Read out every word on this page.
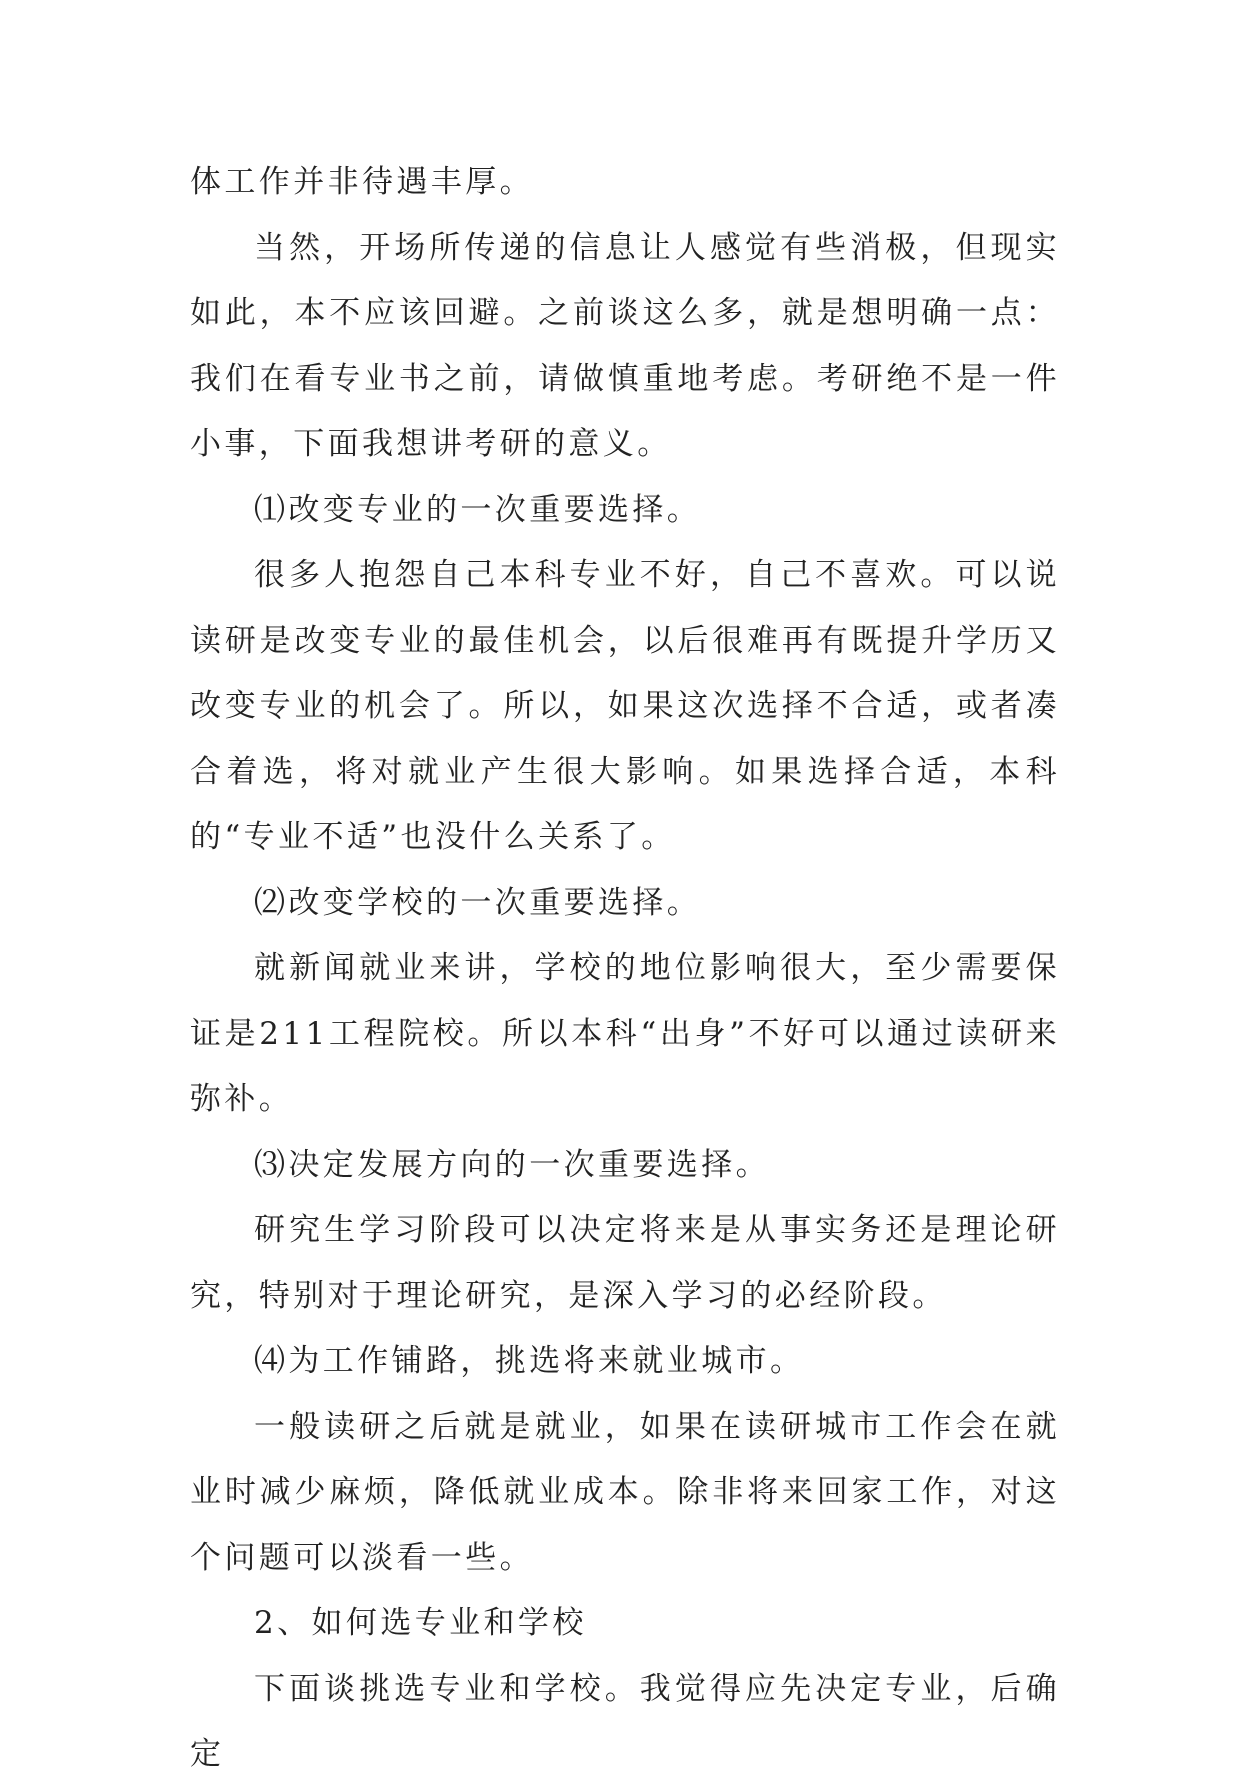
体工作并非待遇丰厚。

当然，开场所传递的信息让人感觉有些消极，但现实如此，本不应该回避。之前谈这么多，就是想明确一点：我们在看专业书之前，请做慎重地考虑。考研绝不是一件小事，下面我想讲考研的意义。

⑴改变专业的一次重要选择。

很多人抱怨自己本科专业不好，自己不喜欢。可以说读研是改变专业的最佳机会，以后很难再有既提升学历又改变专业的机会了。所以，如果这次选择不合适，或者凑合着选，将对就业产生很大影响。如果选择合适，本科的“专业不适”也没什么关系了。

⑵改变学校的一次重要选择。

就新闻就业来讲，学校的地位影响很大，至少需要保证是211工程院校。所以本科“出身”不好可以通过读研来弥补。

⑶决定发展方向的一次重要选择。

研究生学习阶段可以决定将来是从事实务还是理论研究，特别对于理论研究，是深入学习的必经阶段。

⑷为工作铺路，挑选将来就业城市。

一般读研之后就是就业，如果在读研城市工作会在就业时减少麻烦，降低就业成本。除非将来回家工作，对这个问题可以淡看一些。

2、如何选专业和学校

下面谈挑选专业和学校。我觉得应先决定专业，后确定
